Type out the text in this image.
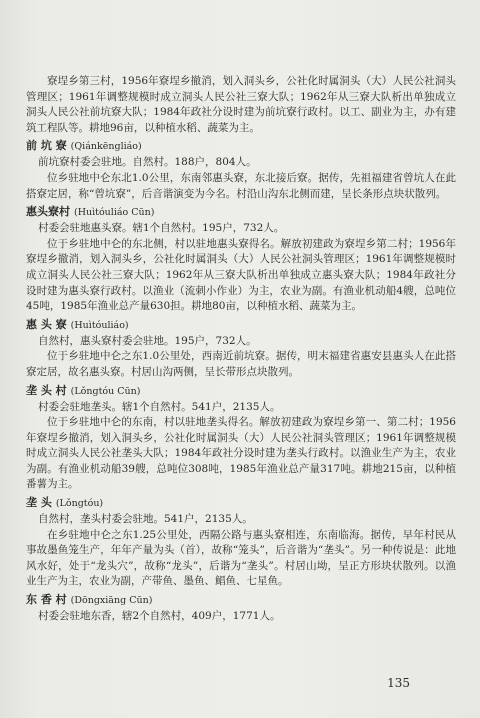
寮埕乡第三村，1956年寮埕乡撤消，划入洞头乡，公社化时属洞头（大）人民公社洞头管理区；1961年调整规模时成立洞头人民公社三寮大队；1962年从三寮大队析出单独成立洞头人民公社前坑寮大队；1984年政社分设时建为前坑寮行政村。以工、副业为主，办有建筑工程队等。耕地96亩，以种植水稻、蔬菜为主。

前 坑 寮 (Qiánkēngliáo)

前坑寮村委会驻地。自然村。188户，804人。

位乡驻地中仑东北1.0公里，东南邻惠头寮，东北接后寮。据传，先祖福建省曾坑人在此搭寮定居，称“曾坑寮”，后音谐演变为今名。村沿山沟东北侧而建，呈长条形点块状散列。

惠头寮村 (Huìtóuliáo Cūn)

村委会驻地惠头寮。辖1个自然村。195户，732人。

位于乡驻地中仑的东北侧，村以驻地惠头寮得名。解放初建政为寮埕乡第二村；1956年寮埕乡撤消，划入洞头乡，公社化时属洞头（大）人民公社洞头管理区；1961年调整规模时成立洞头人民公社三寮大队；1962年从三寮大队析出单独成立惠头寮大队；1984年政社分设时建为惠头寮行政村。以渔业（流刺小作业）为主，农业为副。有渔业机动船4艘，总吨位45吨，1985年渔业总产量630担。耕地80亩，以种植水稻、蔬菜为主。

惠 头 寮 (Huìtóuliáo)

自然村，惠头寮村委会驻地。195户，732人。

位于乡驻地中仑之东1.0公里处，西南近前坑寮。据传，明末福建省惠安县惠头人在此搭寮定居，故名惠头寮。村居山沟两侧，呈长带形点块散列。

垄 头 村 (Lǒngtóu Cūn)

村委会驻地垄头。辖1个自然村。541户，2135人。

位于乡驻地中仑的东南，村以驻地垄头得名。解放初建政为寮埕乡第一、第二村；1956年寮埕乡撤消，划入洞头乡，公社化时属洞头（大）人民公社洞头管理区；1961年调整规模时成立洞头人民公社垄头大队；1984年政社分设时建为垄头行政村。以渔业生产为主，农业为副。有渔业机动船39艘，总吨位308吨，1985年渔业总产量317吨。耕地215亩，以种植番薯为主。

垄 头 (Lǒngtóu)

自然村，垄头村委会驻地。541户，2135人。

在乡驻地中仑之东1.25公里处，西隔公路与惠头寮相连，东南临海。据传，早年村民从事故墨鱼笼生产，年年产量为头（首），故称“笼头”，后音谐为“垄头”。另一种传说是：此地风水好，处于“龙头穴”，故称“龙头”，后谐为“垄头”。村居山坳，呈正方形块状散列。以渔业生产为主，农业为副，产带鱼、墨鱼、鲳鱼、七星鱼。

东 香 村 (Dōngxiāng Cūn)

村委会驻地东香，辖2个自然村，409户，1771人。

135
